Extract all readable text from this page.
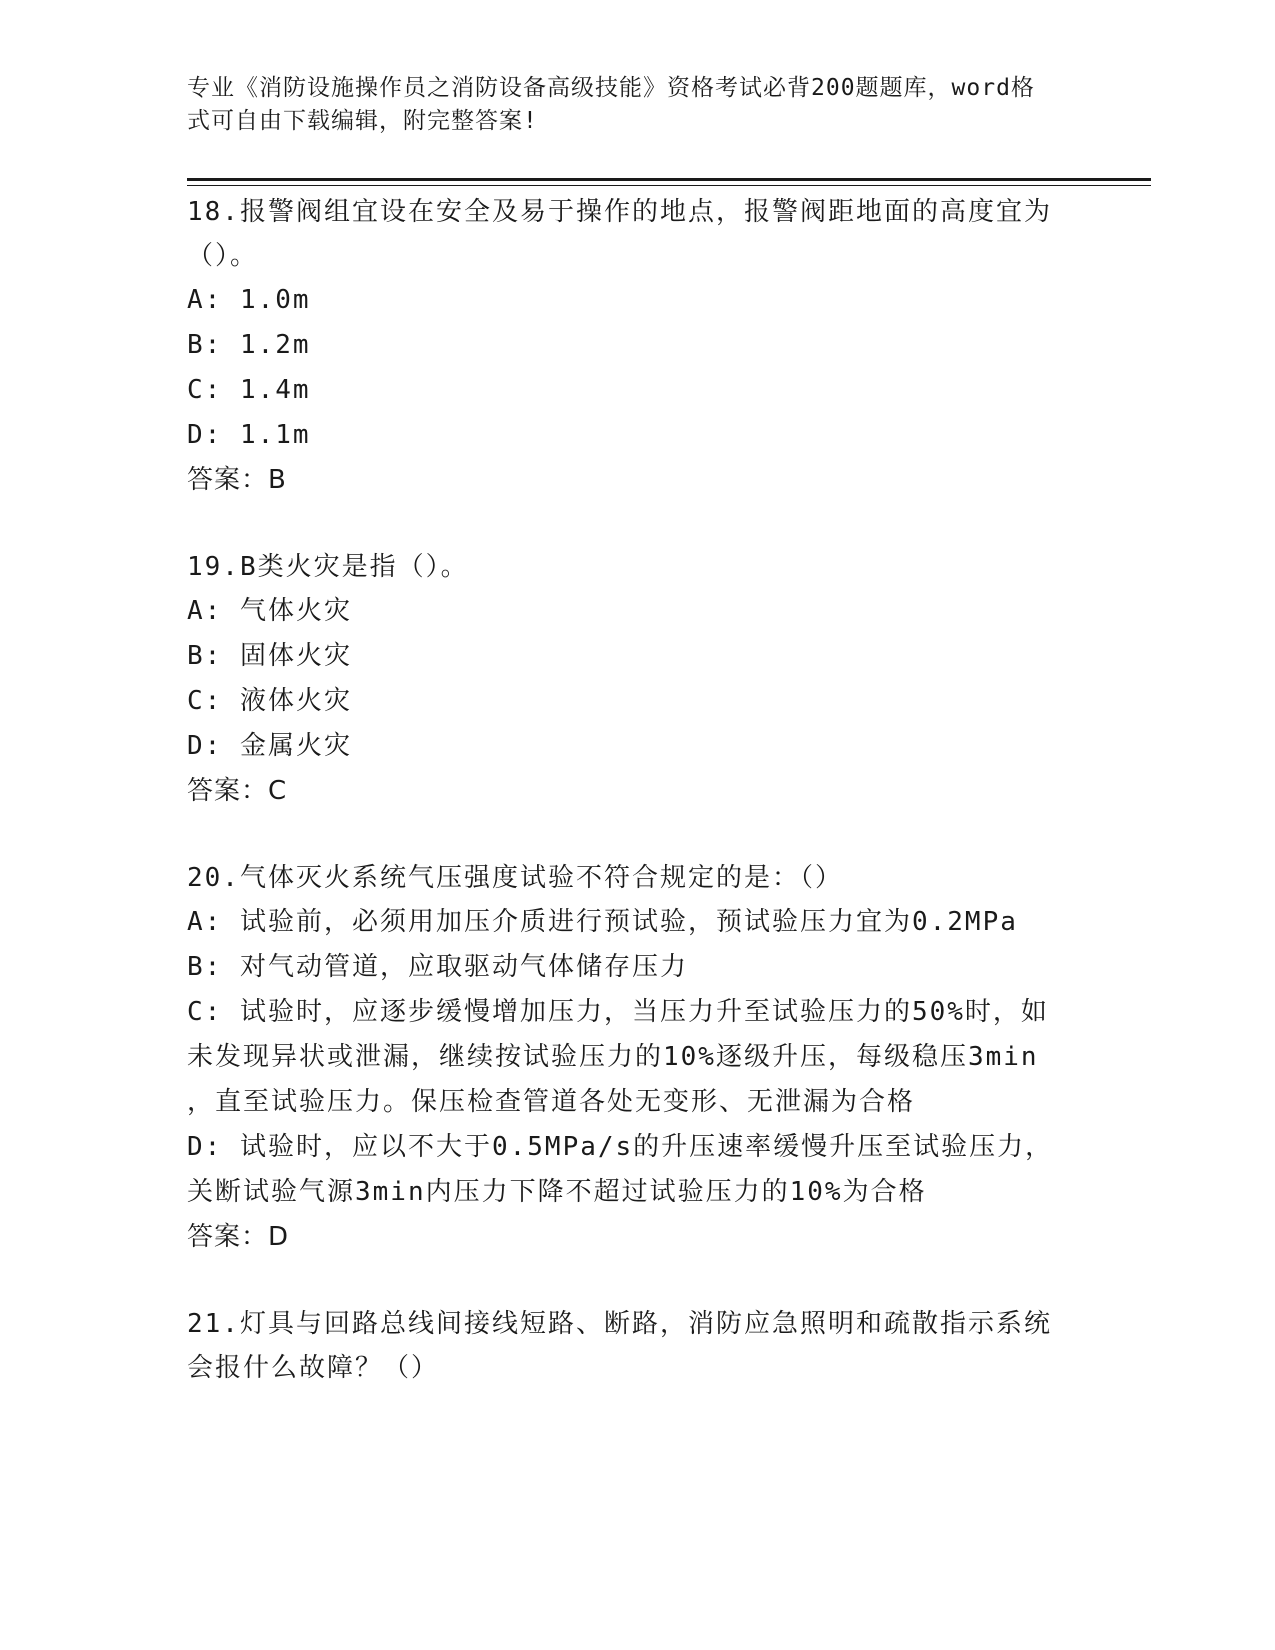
专业《消防设施操作员之消防设备高级技能》资格考试必背200题题库，word格
式可自由下载编辑，附完整答案!
18.报警阀组宜设在安全及易于操作的地点，报警阀距地面的高度宜为
（）。
A: 1.0m
B: 1.2m
C: 1.4m
D: 1.1m
答案：B
19.B类火灾是指（）。
A: 气体火灾
B: 固体火灾
C: 液体火灾
D: 金属火灾
答案：C
20.气体灭火系统气压强度试验不符合规定的是：（）
A: 试验前，必须用加压介质进行预试验，预试验压力宜为0.2MPa
B: 对气动管道，应取驱动气体储存压力
C: 试验时，应逐步缓慢增加压力，当压力升至试验压力的50%时，如
未发现异状或泄漏，继续按试验压力的10%逐级升压，每级稳压3min
，直至试验压力。保压检查管道各处无变形、无泄漏为合格
D: 试验时，应以不大于0.5MPa/s的升压速率缓慢升压至试验压力，
关断试验气源3min内压力下降不超过试验压力的10%为合格
答案：D
21.灯具与回路总线间接线短路、断路，消防应急照明和疏散指示系统
会报什么故障？（）
